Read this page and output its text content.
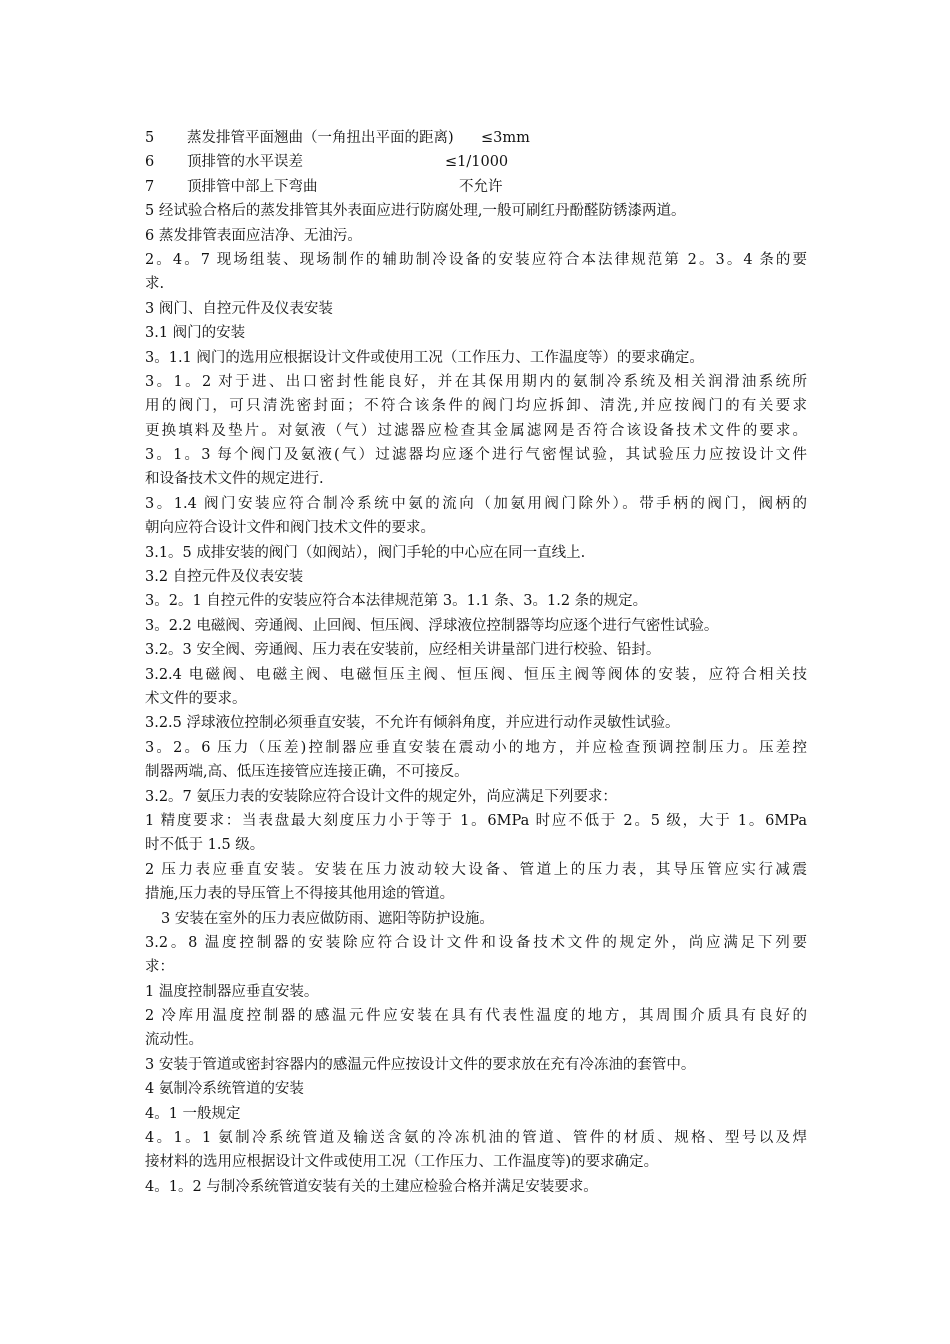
5	蒸发排管平面翘曲（一角扭出平面的距离)	≤3mm
6	顶排管的水平误差	≤1/1000
7	顶排管中部上下弯曲	不允许
5 经试验合格后的蒸发排管其外表面应进行防腐处理,一般可刷红丹酚醛防锈漆两道。
6 蒸发排管表面应洁净、无油污。
2。4。7 现场组装、现场制作的辅助制冷设备的安装应符合本法律规范第 2。3。4 条的要
求.
3 阀门、自控元件及仪表安装
3.1 阀门的安装
3。1.1 阀门的选用应根据设计文件或使用工况（工作压力、工作温度等）的要求确定。
3。1。2 对于进、出口密封性能良好，并在其保用期内的氨制冷系统及相关润滑油系统所
用的阀门，可只清洗密封面；不符合该条件的阀门均应拆卸、清洗,并应按阀门的有关要求
更换填料及垫片。对氨液（气）过滤器应检查其金属滤网是否符合该设备技术文件的要求。
3。1。3 每个阀门及氨液(气）过滤器均应逐个进行气密惺试验，其试验压力应按设计文件
和设备技术文件的规定进行.
3。1.4 阀门安装应符合制冷系统中氨的流向（加氨用阀门除外）。带手柄的阀门，阀柄的
朝向应符合设计文件和阀门技术文件的要求。
3.1。5 成排安装的阀门（如阀站），阀门手轮的中心应在同一直线上.
3.2 自控元件及仪表安装
3。2。1 自控元件的安装应符合本法律规范第 3。1.1 条、3。1.2 条的规定。
3。2.2 电磁阀、旁通阀、止回阀、恒压阀、浮球液位控制器等均应逐个进行气密性试验。
3.2。3 安全阀、旁通阀、压力表在安装前，应经相关讲量部门进行校验、铅封。
3.2.4 电磁阀、电磁主阀、电磁恒压主阀、恒压阀、恒压主阀等阀体的安装，应符合相关技
术文件的要求。
3.2.5 浮球液位控制必须垂直安装，不允许有倾斜角度，并应进行动作灵敏性试验。
3。2。6 压力（压差)控制器应垂直安装在震动小的地方，并应检查预调控制压力。压差控
制器两端,高、低压连接管应连接正确，不可接反。
3.2。7 氨压力表的安装除应符合设计文件的规定外，尚应满足下列要求：
1 精度要求：当表盘最大刻度压力小于等于 1。6MPa 时应不低于 2。5 级，大于 1。6MPa
时不低于 1.5 级。
2 压力表应垂直安装。安装在压力波动较大设备、管道上的压力表，其导压管应实行减震
措施,压力表的导压管上不得接其他用途的管道。
3 安装在室外的压力表应做防雨、遮阳等防护设施。
3.2。8 温度控制器的安装除应符合设计文件和设备技术文件的规定外，尚应满足下列要
求：
1 温度控制器应垂直安装。
2 冷库用温度控制器的感温元件应安装在具有代表性温度的地方，其周围介质具有良好的
流动性。
3 安装于管道或密封容器内的感温元件应按设计文件的要求放在充有冷冻油的套管中。
4 氨制冷系统管道的安装
4。1 一般规定
4。1。1 氨制冷系统管道及输送含氨的冷冻机油的管道、管件的材质、规格、型号以及焊
接材料的选用应根据设计文件或使用工况（工作压力、工作温度等)的要求确定。
4。1。2 与制冷系统管道安装有关的土建应检验合格并满足安装要求。
